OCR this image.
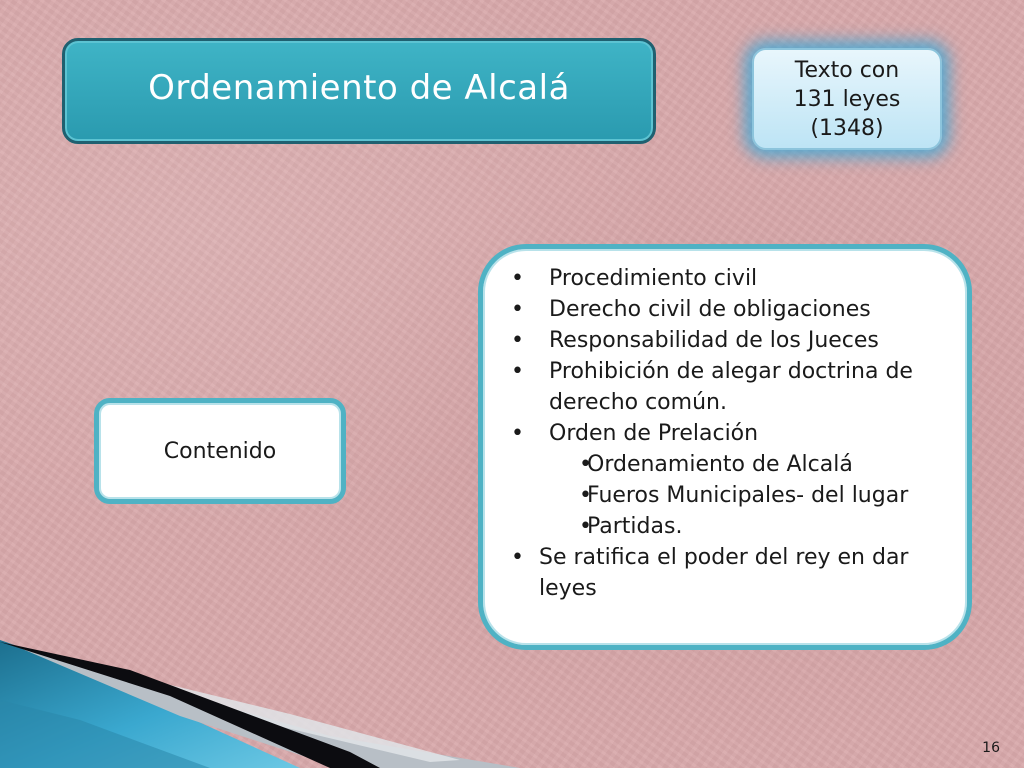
Ordenamiento de Alcalá	Texto con
131 leyes
(1348)
Contenido
• Procedimiento civil
• Derecho civil de obligaciones
• Responsabilidad de los Jueces
• Prohibición de alegar doctrina de derecho común.
• Orden de Prelación
• Ordenamiento de Alcalá
• Fueros Municipales- del lugar
• Partidas.
• Se ratifica el poder del rey en dar leyes
16
